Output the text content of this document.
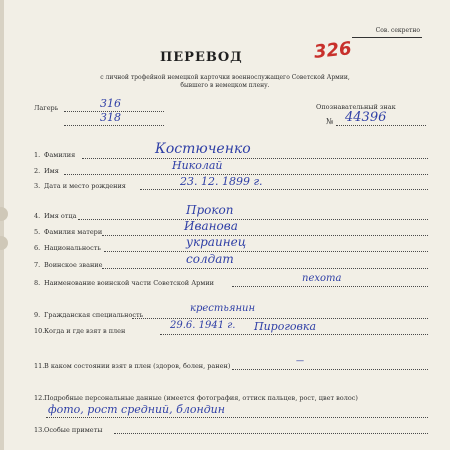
Сов. секретно
ПЕРЕВОД	326
с личной трофейной немецкой карточки военнослужащего Советской Армии,
бывшего в немецком плену.
Лагерь	316
318
Опознавательный знак
№ 44396
1. Фамилия	Костюченко
2. Имя	Николай
3. Дата и место рождения	23. 12. 1899 г.
4. Имя отца	Прокоп
5. Фамилия матери	Иванова
6. Национальность	украинец
7. Воинское звание	солдат
8. Наименование воинской части Советской Армии	пехота
9. Гражданская специальность
крестьянин
10.Когда и где взят в плен	29.6. 1941 г. Пироговка
11.В каком состоянии взят в плен (здоров, болен, ранен)
—
12.Подробные персональные данные (имеется фотография, оттиск пальцев, рост, цвет волос)
фото, рост средний, блондин
13.Особые приметы
